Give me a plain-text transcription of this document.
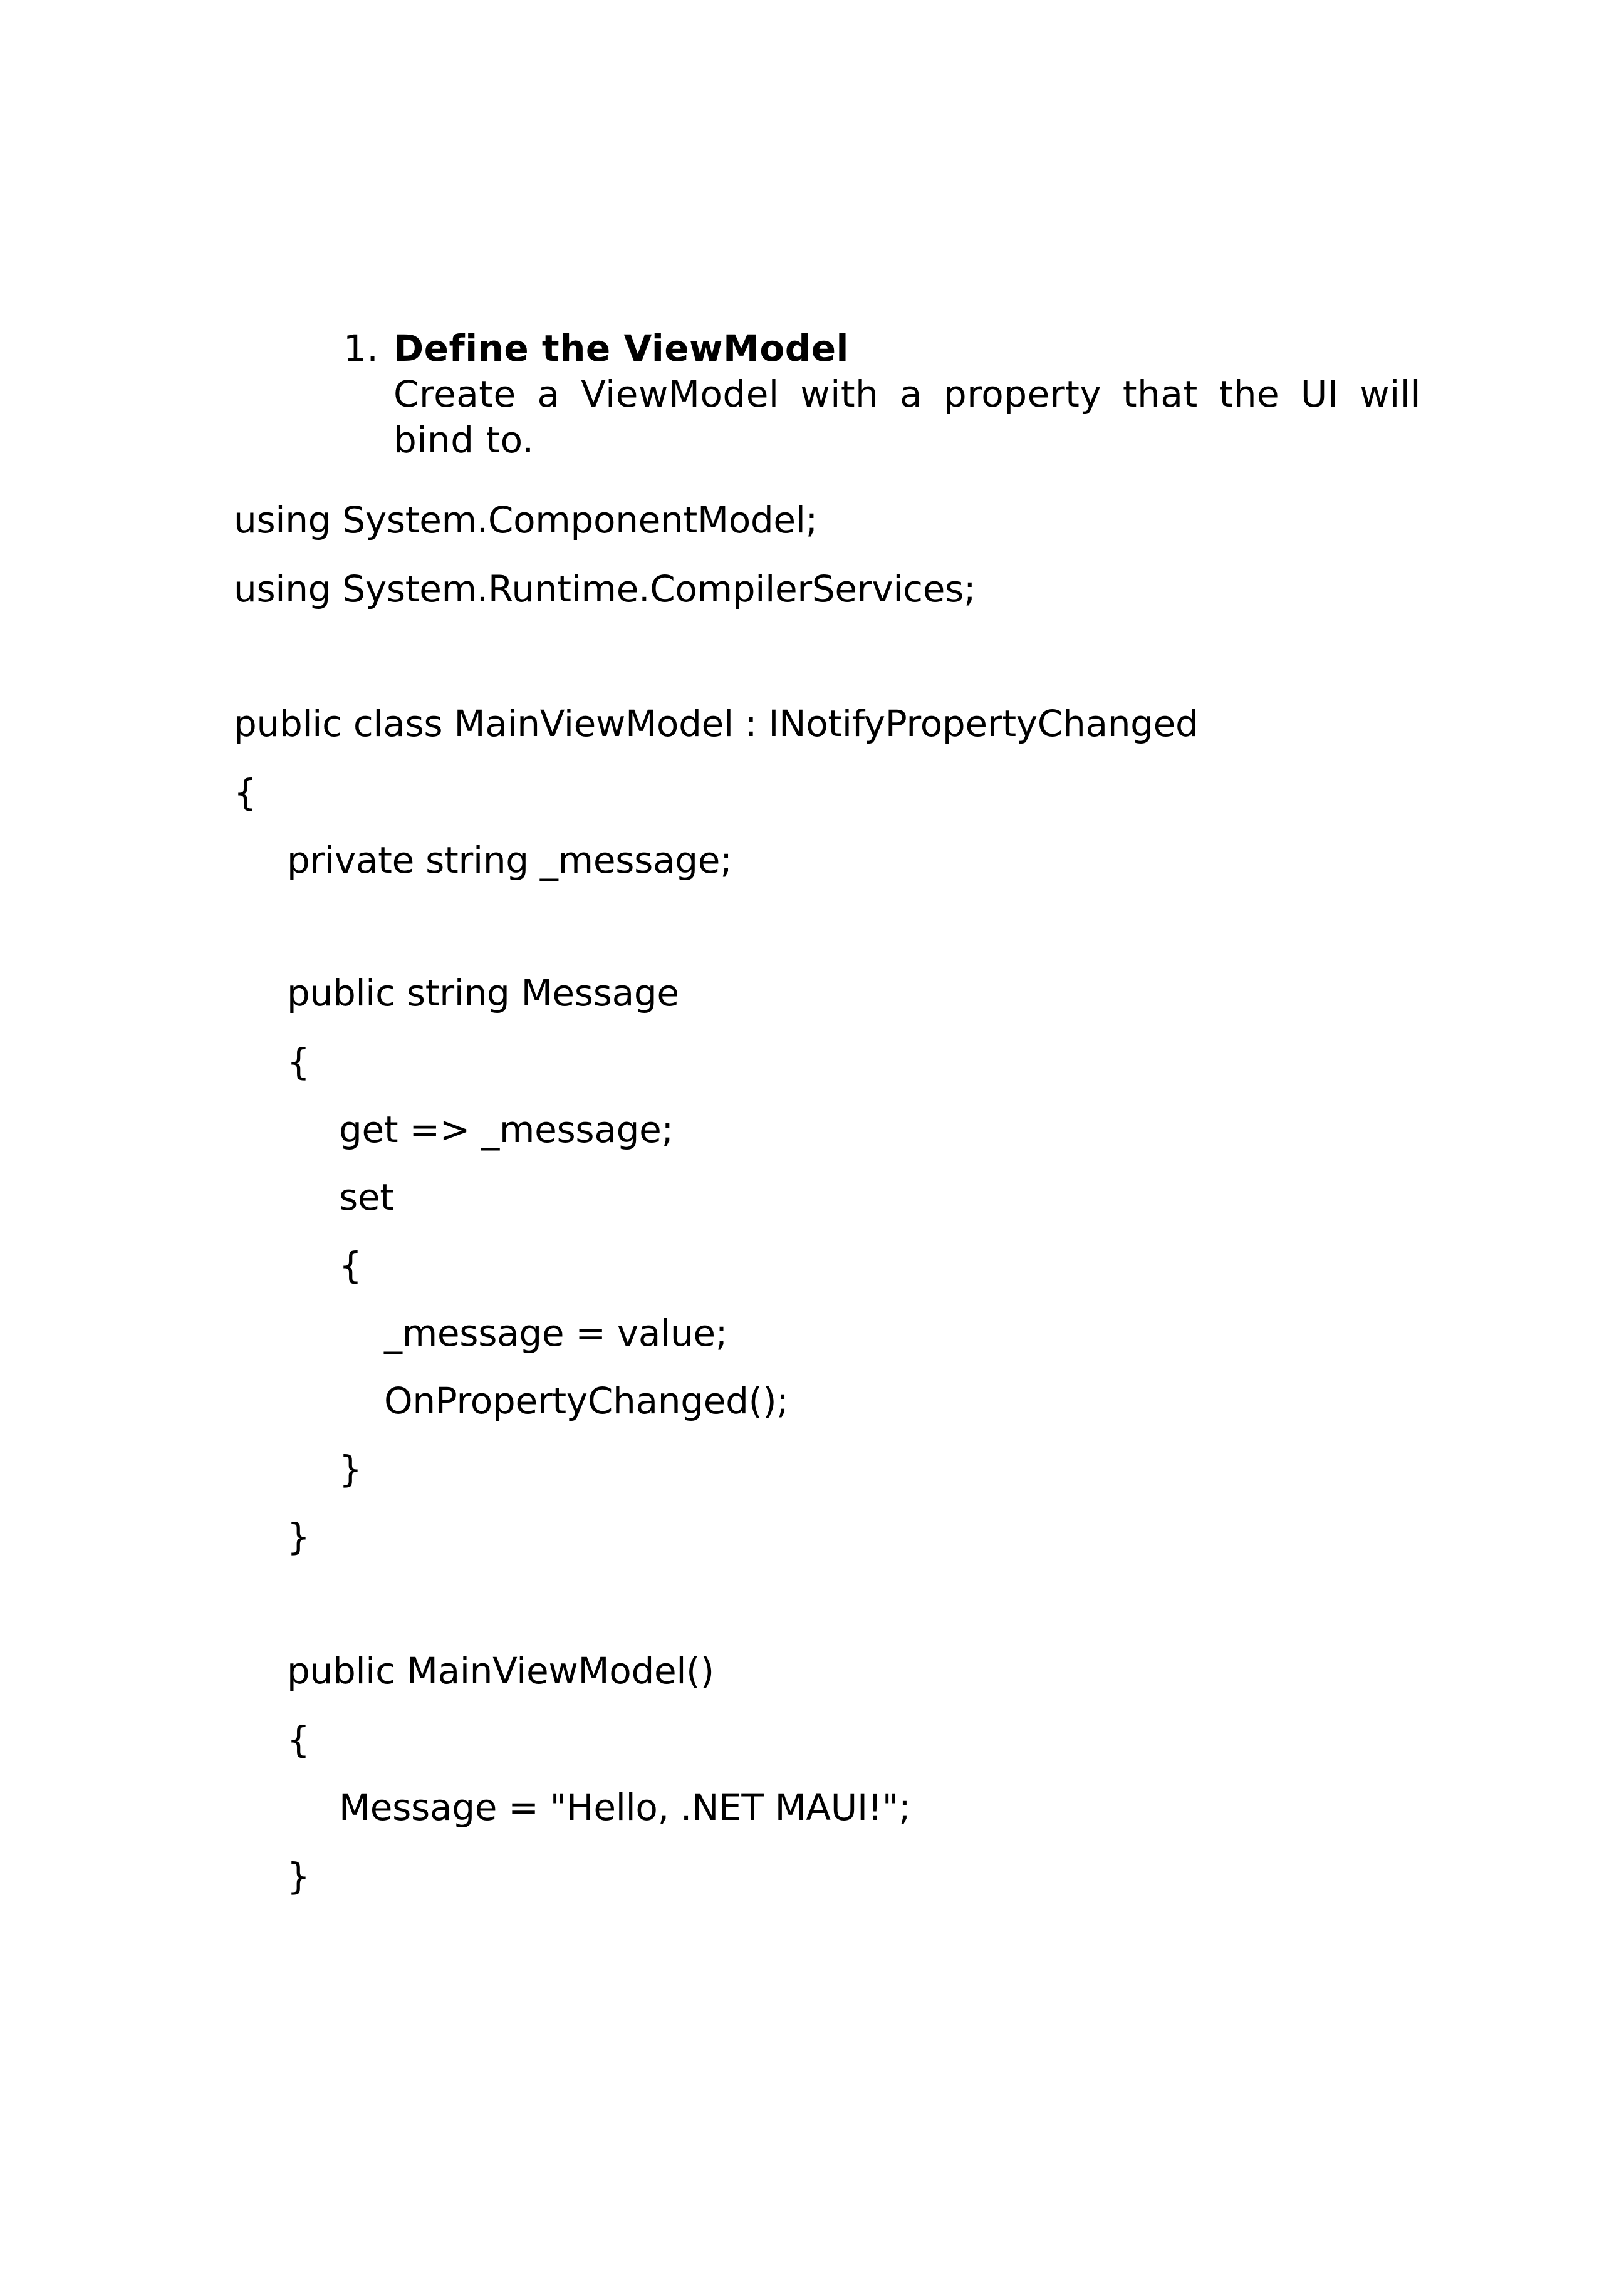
1. Define the ViewModel
Create a ViewModel with a property that the UI will bind to.
using System.ComponentModel;
using System.Runtime.CompilerServices;
public class MainViewModel : INotifyPropertyChanged
{
private string _message;
public string Message
{
get => _message;
set
{
_message = value;
OnPropertyChanged();
}
}
public MainViewModel()
{
Message = "Hello, .NET MAUI!";
}
